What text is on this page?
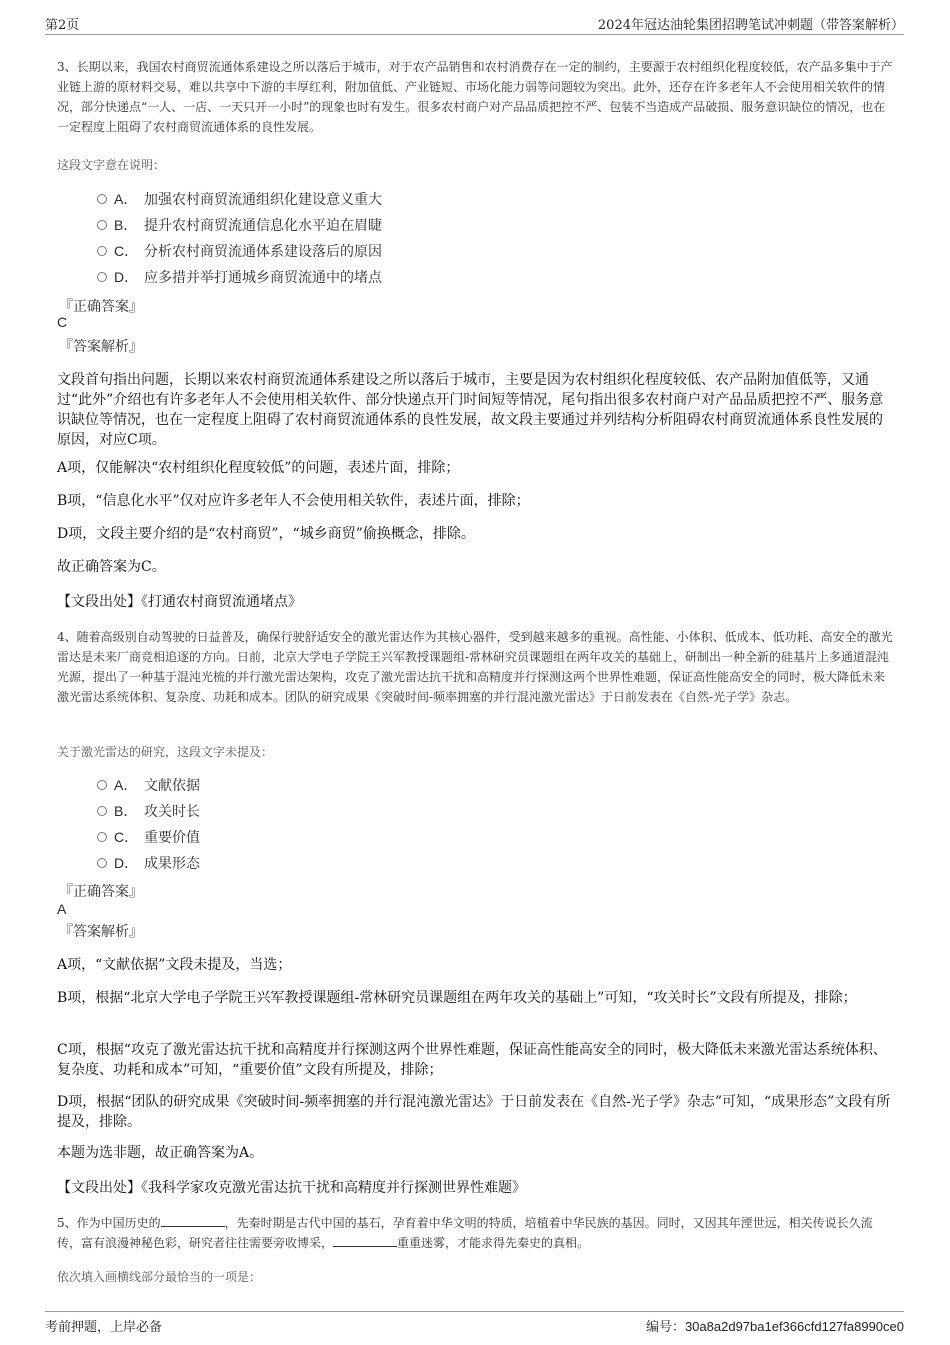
第2页	2024年冠达油轮集团招聘笔试冲刺题（带答案解析）
3、长期以来，我国农村商贸流通体系建设之所以落后于城市，对于农产品销售和农村消费存在一定的制约，主要源于农村组织化程度较低，农产品多集中于产业链上游的原材料交易，难以共享中下游的丰厚红利，附加值低、产业链短、市场化能力弱等问题较为突出。此外，还存在许多老年人不会使用相关软件的情况，部分快递点“一人、一店、一天只开一小时”的现象也时有发生。很多农村商户对产品品质把控不严、包装不当造成产品破损、服务意识缺位的情况，也在一定程度上阻碍了农村商贸流通体系的良性发展。
这段文字意在说明：
A． 加强农村商贸流通组织化建设意义重大
B． 提升农村商贸流通信息化水平迫在眉睫
C． 分析农村商贸流通体系建设落后的原因
D． 应多措并举打通城乡商贸流通中的堵点
『正确答案』
C
『答案解析』
文段首句指出问题，长期以来农村商贸流通体系建设之所以落后于城市，主要是因为农村组织化程度较低、农产品附加值低等，又通过“此外”介绍也有许多老年人不会使用相关软件、部分快递点开门时间短等情况，尾句指出很多农村商户对产品品质把控不严、服务意识缺位等情况，也在一定程度上阻碍了农村商贸流通体系的良性发展，故文段主要通过并列结构分析阻碍农村商贸流通体系良性发展的原因，对应C项。
A项，仅能解决“农村组织化程度较低”的问题，表述片面，排除；
B项，“信息化水平”仅对应许多老年人不会使用相关软件，表述片面，排除；
D项，文段主要介绍的是“农村商贸”，“城乡商贸”偷换概念，排除。
故正确答案为C。
【文段出处】《打通农村商贸流通堵点》
4、随着高级别自动驾驶的日益普及，确保行驶舒适安全的激光雷达作为其核心器件，受到越来越多的重视。高性能、小体积、低成本、低功耗、高安全的激光雷达是未来厂商竞相追逐的方向。日前，北京大学电子学院王兴军教授课题组-常林研究员课题组在两年攻关的基础上，研制出一种全新的硅基片上多通道混沌光源，提出了一种基于混沌光梳的并行激光雷达架构，攻克了激光雷达抗干扰和高精度并行探测这两个世界性难题，保证高性能高安全的同时，极大降低未来激光雷达系统体积、复杂度、功耗和成本。团队的研究成果《突破时间-频率拥塞的并行混沌激光雷达》于日前发表在《自然-光子学》杂志。
关于激光雷达的研究，这段文字未提及：
A． 文献依据
B． 攻关时长
C． 重要价值
D． 成果形态
『正确答案』
A
『答案解析』
A项，“文献依据”文段未提及，当选；
B项，根据“北京大学电子学院王兴军教授课题组-常林研究员课题组在两年攻关的基础上”可知，“攻关时长”文段有所提及，排除；
C项，根据“攻克了激光雷达抗干扰和高精度并行探测这两个世界性难题，保证高性能高安全的同时，极大降低未来激光雷达系统体积、复杂度、功耗和成本”可知，“重要价值”文段有所提及，排除；
D项，根据“团队的研究成果《突破时间-频率拥塞的并行混沌激光雷达》于日前发表在《自然-光子学》杂志”可知，“成果形态”文段有所提及，排除。
本题为选非题，故正确答案为A。
【文段出处】《我科学家攻克激光雷达抗干扰和高精度并行探测世界性难题》
5、作为中国历史的	，先秦时期是古代中国的基石，孕育着中华文明的特质，培植着中华民族的基因。同时，又因其年湮世远，相关传说长久流传，富有浪漫神秘色彩，研究者往往需要旁收博采，	重重迷雾，才能求得先秦史的真相。
依次填入画横线部分最恰当的一项是：
考前押题，上岸必备	编号：30a8a2d97ba1ef366cfd127fa8990ce0
